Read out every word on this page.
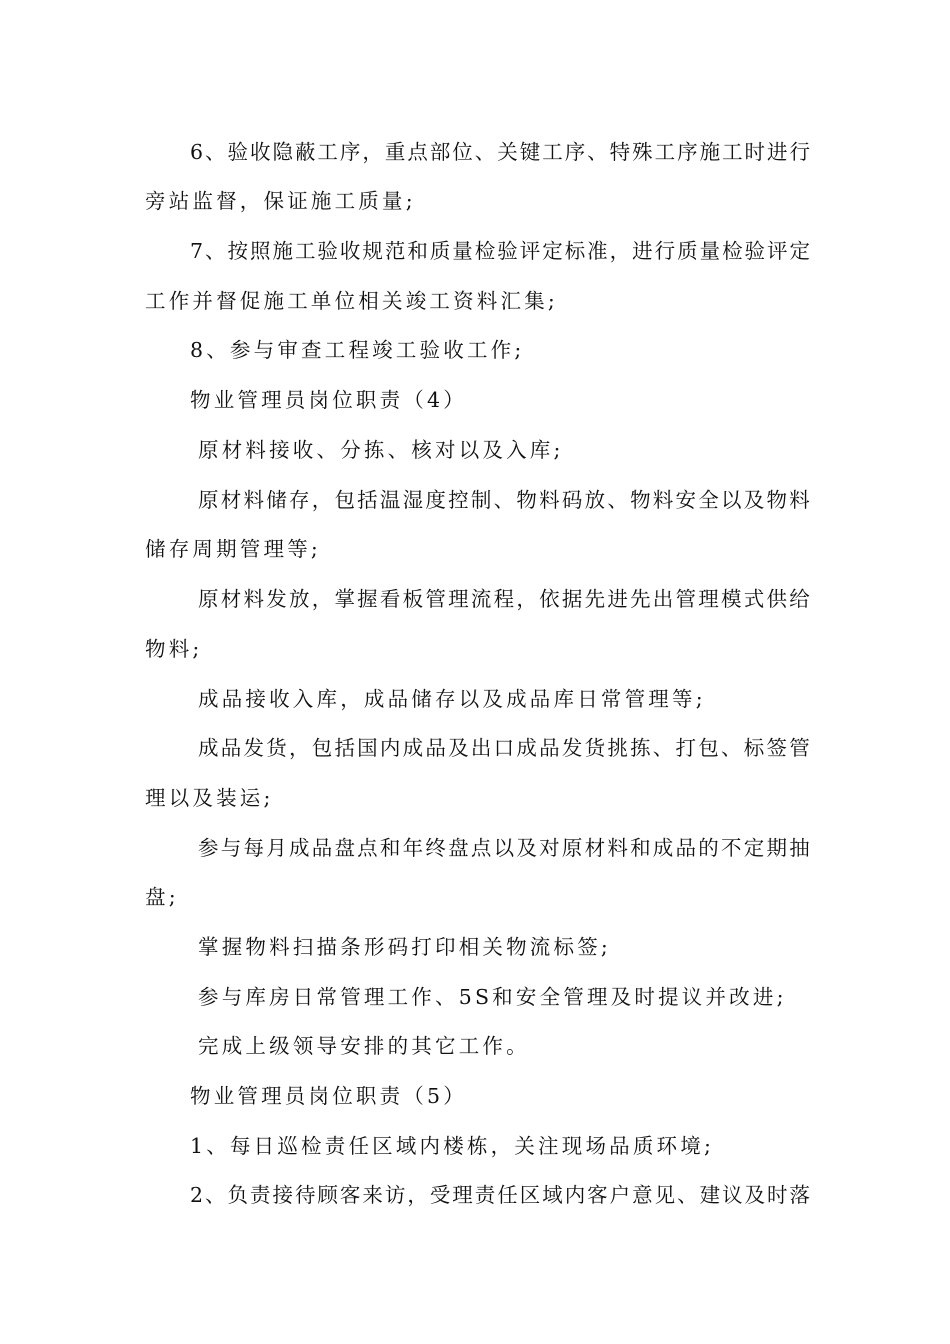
6、验收隐蔽工序，重点部位、关键工序、特殊工序施工时进行
旁站监督，保证施工质量;
7、按照施工验收规范和质量检验评定标准，进行质量检验评定
工作并督促施工单位相关竣工资料汇集;
8、参与审查工程竣工验收工作;
物业管理员岗位职责（4）
原材料接收、分拣、核对以及入库;
原材料储存，包括温湿度控制、物料码放、物料安全以及物料
储存周期管理等;
原材料发放，掌握看板管理流程，依据先进先出管理模式供给
物料;
成品接收入库，成品储存以及成品库日常管理等;
成品发货，包括国内成品及出口成品发货挑拣、打包、标签管
理以及装运;
参与每月成品盘点和年终盘点以及对原材料和成品的不定期抽
盘;
掌握物料扫描条形码打印相关物流标签;
参与库房日常管理工作、5S和安全管理及时提议并改进;
完成上级领导安排的其它工作。
物业管理员岗位职责（5）
1、每日巡检责任区域内楼栋，关注现场品质环境;
2、负责接待顾客来访，受理责任区域内客户意见、建议及时落
